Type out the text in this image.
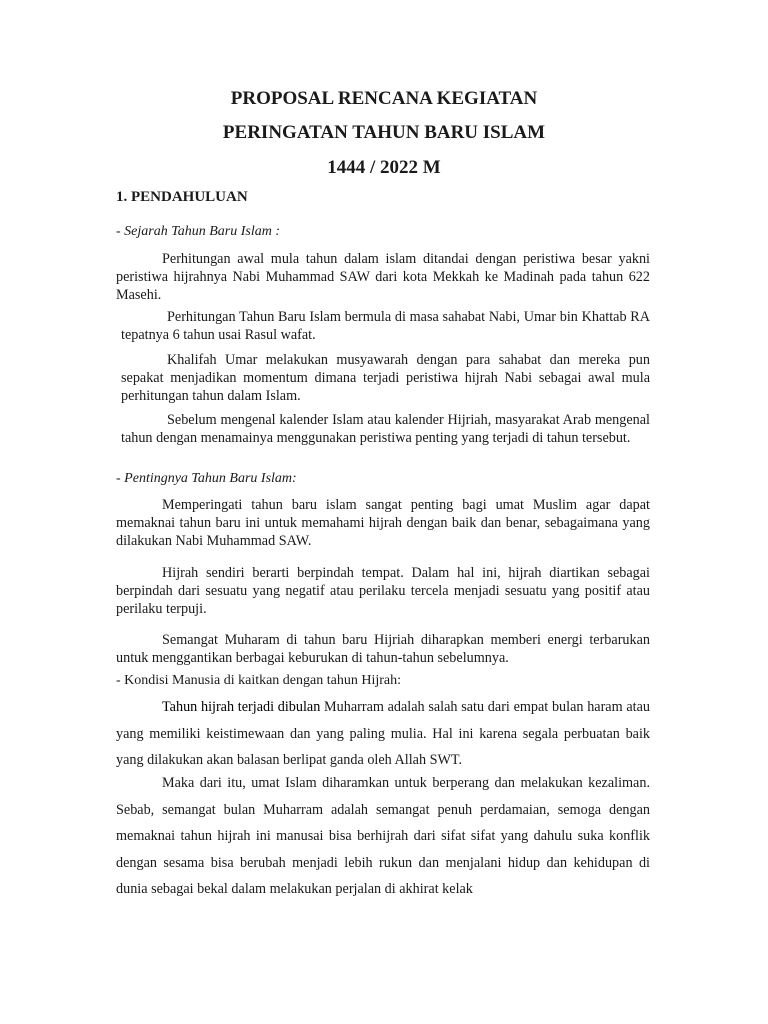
PROPOSAL RENCANA KEGIATAN
PERINGATAN TAHUN BARU ISLAM
1444 / 2022 M
1. PENDAHULUAN
- Sejarah Tahun Baru Islam :

Perhitungan awal mula tahun dalam islam ditandai dengan peristiwa besar yakni peristiwa hijrahnya Nabi Muhammad SAW dari kota Mekkah ke Madinah pada tahun 622 Masehi.

Perhitungan Tahun Baru Islam bermula di masa sahabat Nabi, Umar bin Khattab RA tepatnya 6 tahun usai Rasul wafat.

Khalifah Umar melakukan musyawarah dengan para sahabat dan mereka pun sepakat menjadikan momentum dimana terjadi peristiwa hijrah Nabi sebagai awal mula perhitungan tahun dalam Islam.

Sebelum mengenal kalender Islam atau kalender Hijriah, masyarakat Arab mengenal tahun dengan menamainya menggunakan peristiwa penting yang terjadi di tahun tersebut.

- Pentingnya Tahun Baru Islam:

Memperingati tahun baru islam sangat penting bagi umat Muslim agar dapat memaknai tahun baru ini untuk memahami hijrah dengan baik dan benar, sebagaimana yang dilakukan Nabi Muhammad SAW.

Hijrah sendiri berarti berpindah tempat. Dalam hal ini, hijrah diartikan sebagai berpindah dari sesuatu yang negatif atau perilaku tercela menjadi sesuatu yang positif atau perilaku terpuji.

Semangat Muharam di tahun baru Hijriah diharapkan memberi energi terbarukan untuk menggantikan berbagai keburukan di tahun-tahun sebelumnya.

- Kondisi Manusia di kaitkan dengan tahun Hijrah:

Tahun hijrah terjadi dibulan Muharram adalah salah satu dari empat bulan haram atau yang memiliki keistimewaan dan yang paling mulia. Hal ini karena segala perbuatan baik yang dilakukan akan balasan berlipat ganda oleh Allah SWT.

Maka dari itu, umat Islam diharamkan untuk berperang dan melakukan kezaliman. Sebab, semangat bulan Muharram adalah semangat penuh perdamaian, semoga dengan memaknai tahun hijrah ini manusai bisa berhijrah dari sifat sifat yang dahulu suka konflik dengan sesama bisa berubah menjadi lebih rukun dan menjalani hidup dan kehidupan di dunia sebagai bekal dalam melakukan perjalan di akhirat kelak
